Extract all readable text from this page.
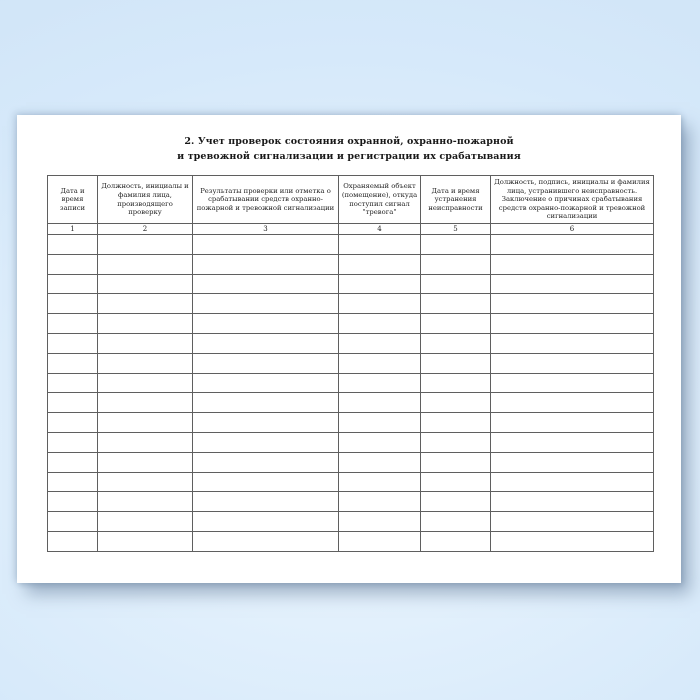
2. Учет проверок состояния охранной, охранно-пожарной
и тревожной сигнализации и регистрации их срабатывания
Дата и время записи	Должность, инициалы и фамилия лица, производящего проверку	Результаты проверки или отметка о срабатывании средств охранно-пожарной и тревожной сигнализации	Охраняемый объект (помещение), откуда поступил сигнал "тревога"	Дата и время устранения неисправности	Должность, подпись, инициалы и фамилия лица, устранившего неисправность. Заключение о причинах срабатывания средств охранно-пожарной и тревожной сигнализации
1	2	3	4	5	6
